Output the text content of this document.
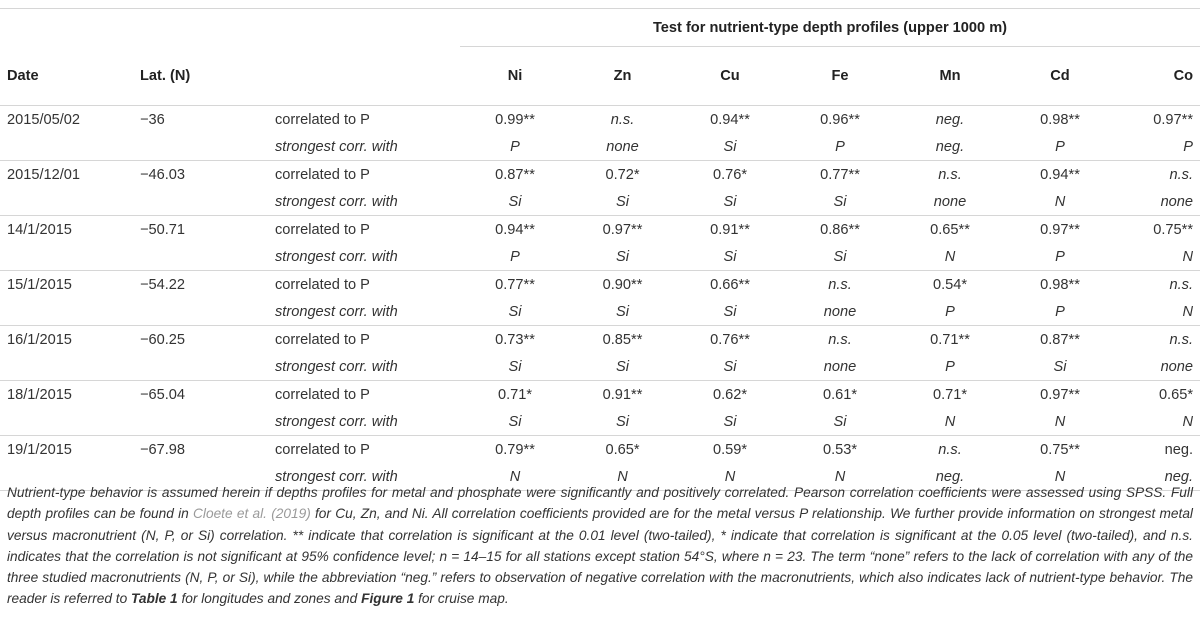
			Test for nutrient-type depth profiles (upper 1000 m)						
Date	Lat. (N)		Ni	Zn	Cu	Fe	Mn	Cd	Co
2015/05/02	−36	correlated to P	0.99**	n.s.	0.94**	0.96**	neg.	0.98**	0.97**
		strongest corr. with	P	none	Si	P	neg.	P	P
2015/12/01	−46.03	correlated to P	0.87**	0.72*	0.76*	0.77**	n.s.	0.94**	n.s.
		strongest corr. with	Si	Si	Si	Si	none	N	none
14/1/2015	−50.71	correlated to P	0.94**	0.97**	0.91**	0.86**	0.65**	0.97**	0.75**
		strongest corr. with	P	Si	Si	Si	N	P	N
15/1/2015	−54.22	correlated to P	0.77**	0.90**	0.66**	n.s.	0.54*	0.98**	n.s.
		strongest corr. with	Si	Si	Si	none	P	P	N
16/1/2015	−60.25	correlated to P	0.73**	0.85**	0.76**	n.s.	0.71**	0.87**	n.s.
		strongest corr. with	Si	Si	Si	none	P	Si	none
18/1/2015	−65.04	correlated to P	0.71*	0.91**	0.62*	0.61*	0.71*	0.97**	0.65*
		strongest corr. with	Si	Si	Si	Si	N	N	N
19/1/2015	−67.98	correlated to P	0.79**	0.65*	0.59*	0.53*	n.s.	0.75**	neg.
		strongest corr. with	N	N	N	N	neg.	N	neg.
Nutrient-type behavior is assumed herein if depths profiles for metal and phosphate were significantly and positively correlated. Pearson correlation coefficients were assessed using SPSS. Full depth profiles can be found in Cloete et al. (2019) for Cu, Zn, and Ni. All correlation coefficients provided are for the metal versus P relationship. We further provide information on strongest metal versus macronutrient (N, P, or Si) correlation. ** indicate that correlation is significant at the 0.01 level (two-tailed), * indicate that correlation is significant at the 0.05 level (two-tailed), and n.s. indicates that the correlation is not significant at 95% confidence level; n = 14–15 for all stations except station 54°S, where n = 23. The term “none” refers to the lack of correlation with any of the three studied macronutrients (N, P, or Si), while the abbreviation “neg.” refers to observation of negative correlation with the macronutrients, which also indicates lack of nutrient-type behavior. The reader is referred to Table 1 for longitudes and zones and Figure 1 for cruise map.
